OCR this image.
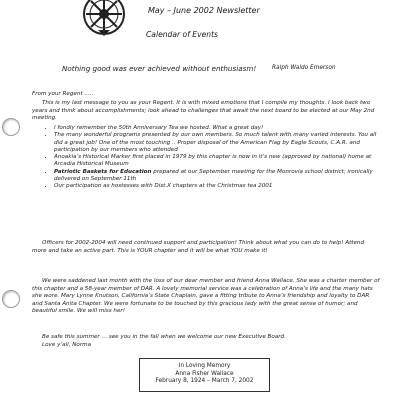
May – June 2002 Newsletter
Calendar of Events
Nothing good was ever achieved without enthusiasm!	Ralph Waldo Emerson
From your Regent …..
This is my last message to you as your Regent. It is with mixed emotions that I compile my thoughts. I look back two years and think about accomplishments; look ahead to challenges that await the next board to be elected at our May 2nd meeting.
• I fondly remember the 50th Anniversary Tea we hosted. What a great day!
• The many wonderful programs presented by our own members. So much talent with many varied interests. You all did a great job! One of the most touching .. Proper disposal of the American Flag by Eagle Scouts, C.A.R. and participation by our members who attended
• Anoakia’s Historical Marker first placed in 1979 by this chapter is now in it’s new (approved by national) home at Arcadia Historical Museum
• Patriotic Baskets for Education prepared at our September meeting for the Monrovia school district; ironically delivered on September 11th
• Our participation as hostesses with Dist.X chapters at the Christmas tea 2001
Officers for 2002-2004 will need continued support and participation! Think about what you can do to help! Attend more and take an active part. This is YOUR chapter and it will be what YOU make it!
We were saddened last month with the loss of our dear member and friend Anna Wallace. She was a charter member of this chapter and a 58-year member of DAR. A lovely memorial service was a celebration of Anna’s life and the many hats she wore. Mary Lynne Knutson, California’s State Chaplain, gave a fitting tribute to Anna’s friendship and loyalty to DAR and Santa Anita Chapter. We were fortunate to be touched by this gracious lady with the great sense of humor; and beautiful smile. We will miss her!
Be safe this summer … see you in the fall when we welcome our new Executive Board.
Love y’all, Norma
In Loving Memory
Anna Fisher Wallace
February 8, 1924 – March 7, 2002
